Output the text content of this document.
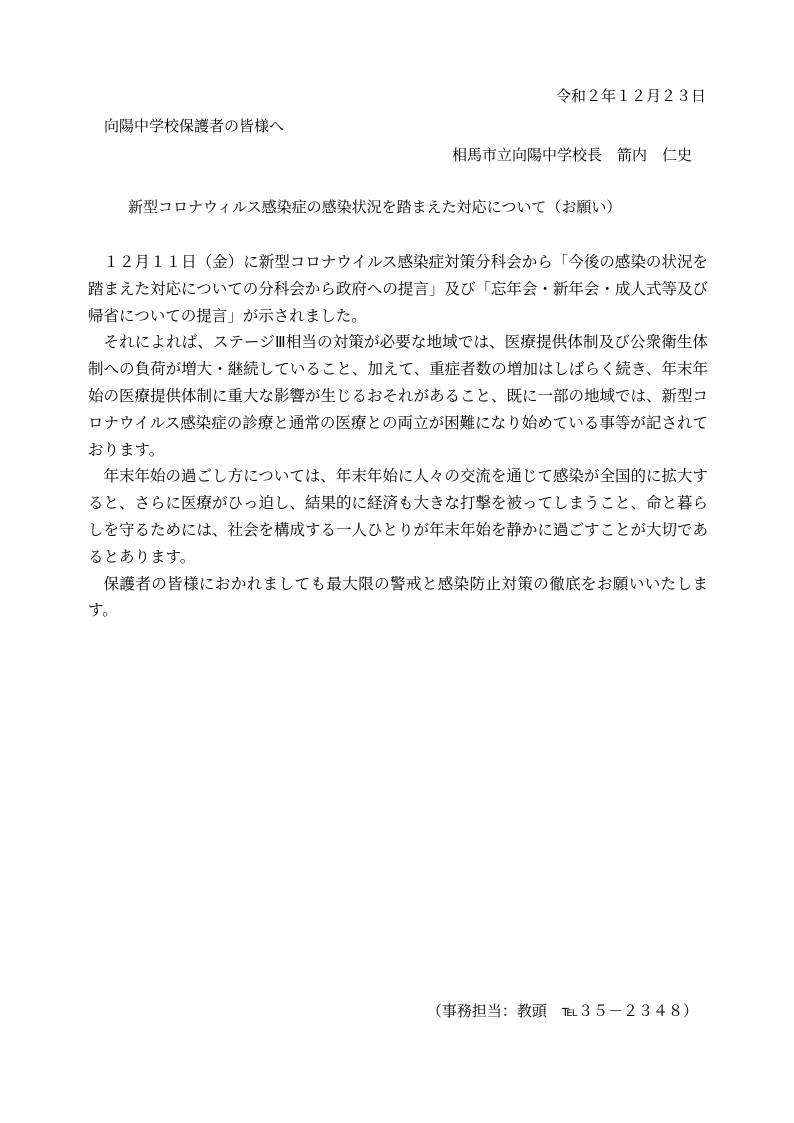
令和２年１２月２３日
向陽中学校保護者の皆様へ
相馬市立向陽中学校長　箭内　仁史
新型コロナウィルス感染症の感染状況を踏まえた対応について（お願い）

１２月１１日（金）に新型コロナウイルス感染症対策分科会から「今後の感染の状況を踏まえた対応についての分科会から政府への提言」及び「忘年会・新年会・成人式等及び帰省についての提言」が示されました。

それによれば、ステージⅢ相当の対策が必要な地域では、医療提供体制及び公衆衛生体制への負荷が増大・継続していること、加えて、重症者数の増加はしばらく続き、年末年始の医療提供体制に重大な影響が生じるおそれがあること、既に一部の地域では、新型コロナウイルス感染症の診療と通常の医療との両立が困難になり始めている事等が記されております。

年末年始の過ごし方については、年末年始に人々の交流を通じて感染が全国的に拡大すると、さらに医療がひっ迫し、結果的に経済も大きな打撃を被ってしまうこと、命と暮らしを守るためには、社会を構成する一人ひとりが年末年始を静かに過ごすことが大切であるとあります。

保護者の皆様におかれましても最大限の警戒と感染防止対策の徹底をお願いいたします。

（事務担当：教頭　℡３５－２３４８）
